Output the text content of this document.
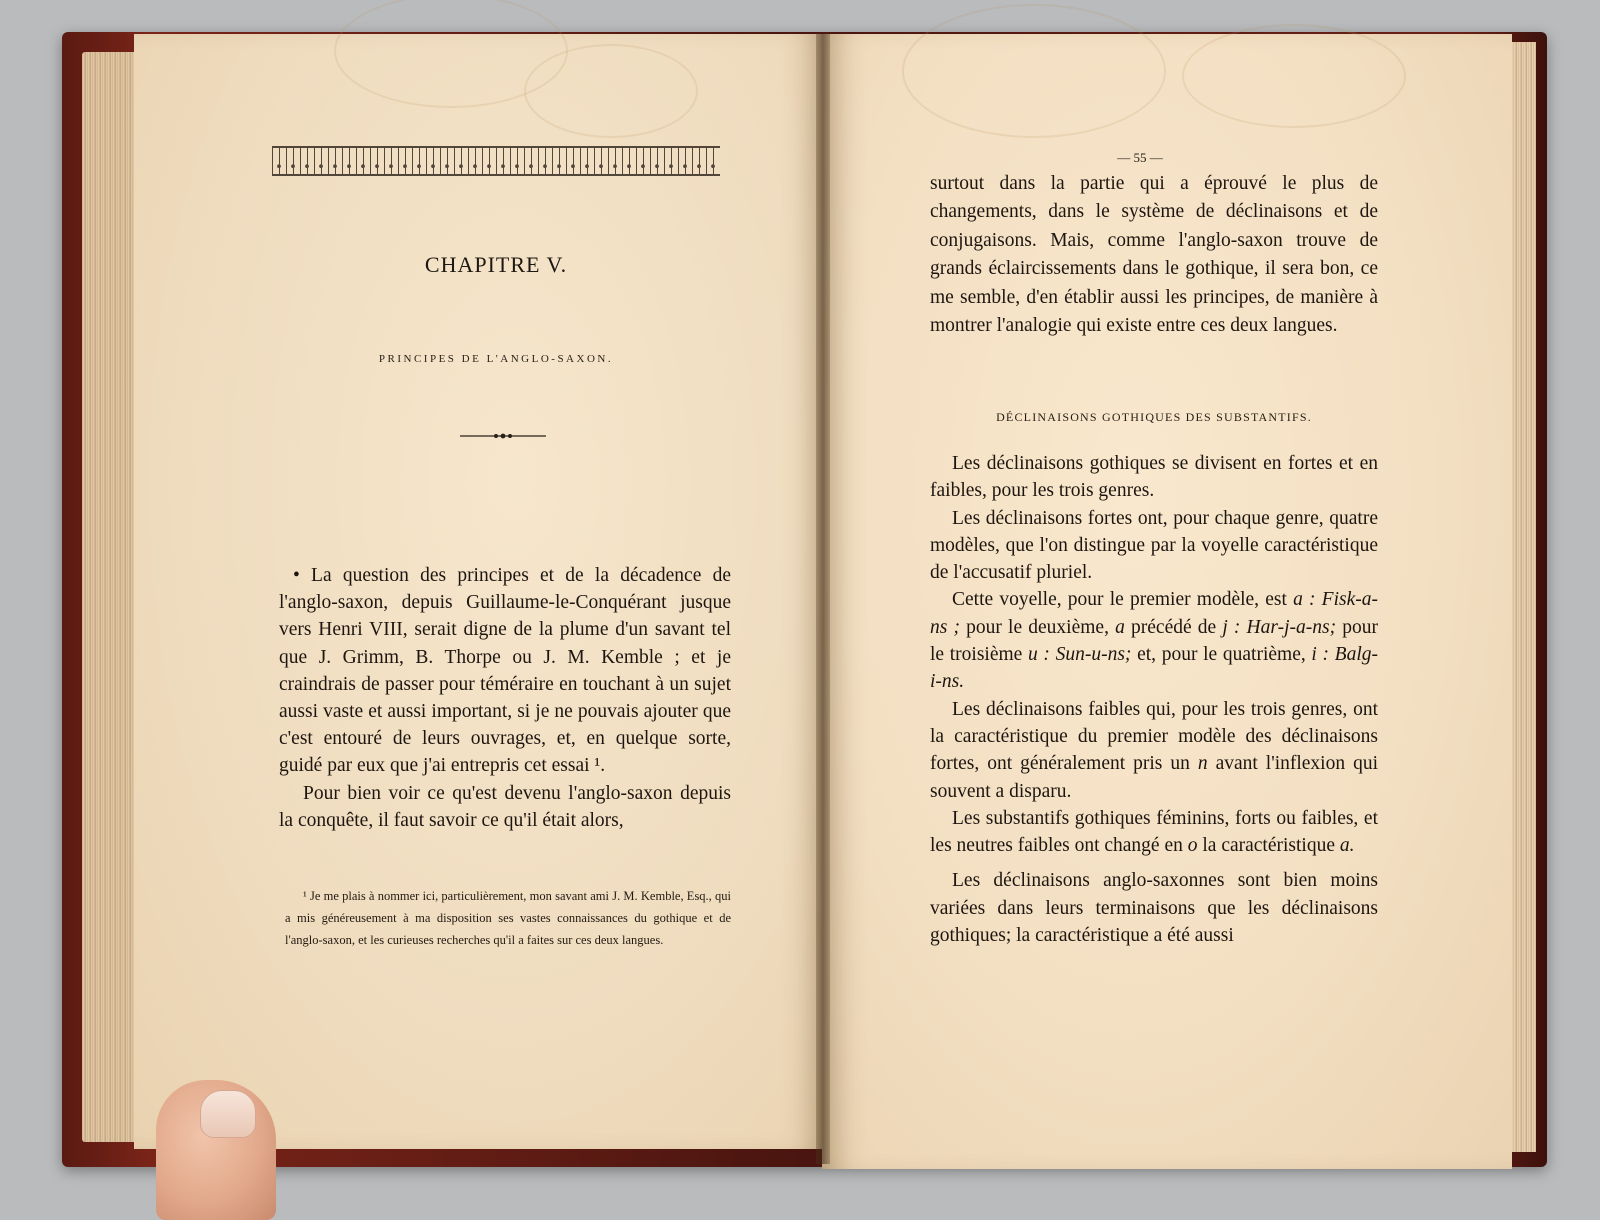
CHAPITRE V.
PRINCIPES DE L'ANGLO-SAXON.

• La question des principes et de la décadence de l'anglo-saxon, depuis Guillaume-le-Conquérant jusque vers Henri VIII, serait digne de la plume d'un savant tel que J. Grimm, B. Thorpe ou J. M. Kemble ; et je craindrais de passer pour téméraire en touchant à un sujet aussi vaste et aussi important, si je ne pouvais ajouter que c'est entouré de leurs ouvrages, et, en quelque sorte, guidé par eux que j'ai entrepris cet essai ¹.

Pour bien voir ce qu'est devenu l'anglo-saxon depuis la conquête, il faut savoir ce qu'il était alors,

¹ Je me plais à nommer ici, particulièrement, mon savant ami J. M. Kemble, Esq., qui a mis généreusement à ma disposition ses vastes connaissances du gothique et de l'anglo-saxon, et les curieuses recherches qu'il a faites sur ces deux langues.
— 55 —

surtout dans la partie qui a éprouvé le plus de changements, dans le système de déclinaisons et de conjugaisons. Mais, comme l'anglo-saxon trouve de grands éclaircissements dans le gothique, il sera bon, ce me semble, d'en établir aussi les principes, de manière à montrer l'analogie qui existe entre ces deux langues.

DÉCLINAISONS GOTHIQUES DES SUBSTANTIFS.

Les déclinaisons gothiques se divisent en fortes et en faibles, pour les trois genres.

Les déclinaisons fortes ont, pour chaque genre, quatre modèles, que l'on distingue par la voyelle caractéristique de l'accusatif pluriel.

Cette voyelle, pour le premier modèle, est a : Fisk-a-ns ; pour le deuxième, a précédé de j : Har-j-a-ns; pour le troisième u : Sun-u-ns; et, pour le quatrième, i : Balg-i-ns.

Les déclinaisons faibles qui, pour les trois genres, ont la caractéristique du premier modèle des déclinaisons fortes, ont généralement pris un n avant l'inflexion qui souvent a disparu.

Les substantifs gothiques féminins, forts ou faibles, et les neutres faibles ont changé en o la caractéristique a.

Les déclinaisons anglo-saxonnes sont bien moins variées dans leurs terminaisons que les déclinaisons gothiques; la caractéristique a été aussi
